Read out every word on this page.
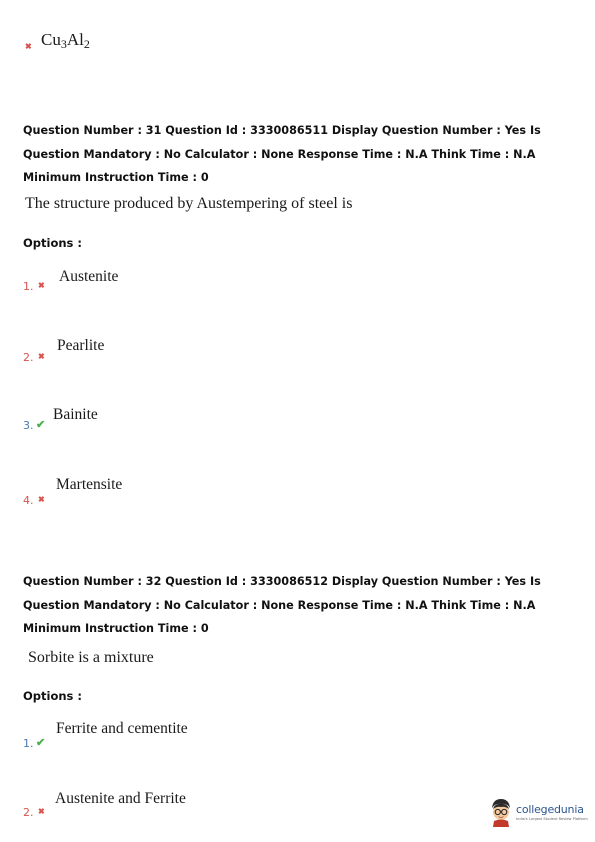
✖ $Cu_3Al_2$
Question Number : 31 Question Id : 3330086511 Display Question Number : Yes Is Question Mandatory : No Calculator : None Response Time : N.A Think Time : N.A Minimum Instruction Time : 0
The structure produced by Austempering of steel is
Options :
1. ✖
Austenite
2. ✖
Pearlite
3. ✔
Bainite
4. ✖
Martensite
Question Number : 32 Question Id : 3330086512 Display Question Number : Yes Is Question Mandatory : No Calculator : None Response Time : N.A Think Time : N.A Minimum Instruction Time : 0
Sorbite is a mixture
Options :
1. ✔
Ferrite and cementite
2. ✖
Austenite and Ferrite
collegedunia
India's Largest Student Review Platform
